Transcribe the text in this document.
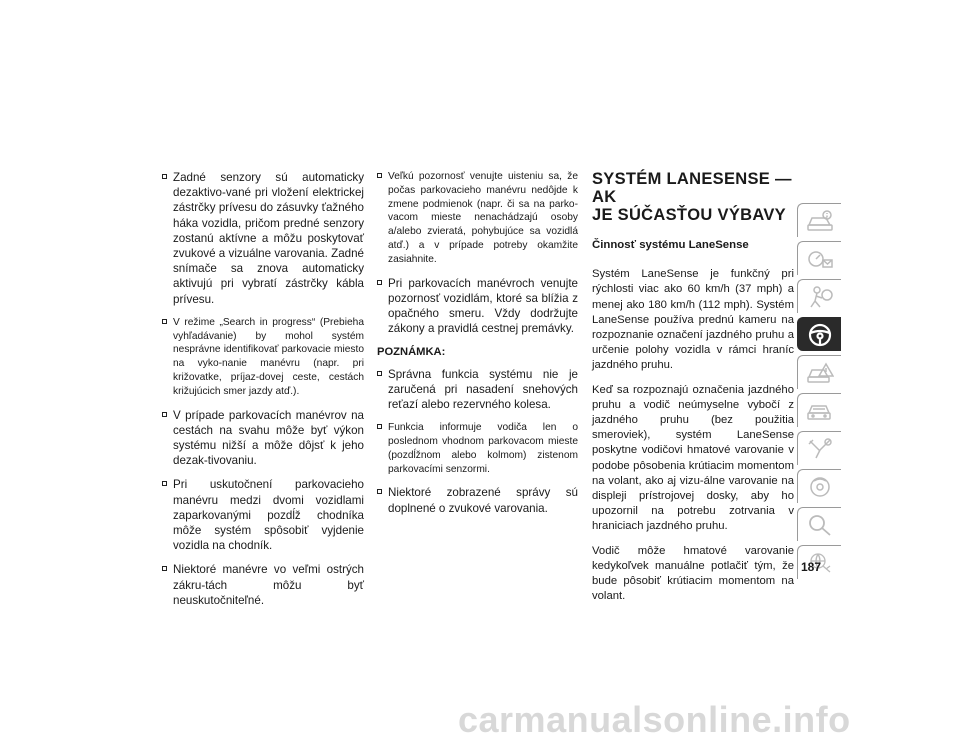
Zadné senzory sú automaticky dezaktivo-vané pri vložení elektrickej zástrčky prívesu do zásuvky ťažného háka vozidla, pričom predné senzory zostanú aktívne a môžu poskytovať zvukové a vizuálne varovania. Zadné snímače sa znova automaticky aktivujú pri vybratí zástrčky kábla prívesu.
V režime „Search in progress“ (Prebieha vyhľadávanie) by mohol systém nesprávne identifikovať parkovacie miesto na vyko-nanie manévru (napr. pri križovatke, príjaz-dovej ceste, cestách križujúcich smer jazdy atď.).
V prípade parkovacích manévrov na cestách na svahu môže byť výkon systému nižší a môže dôjsť k jeho dezak-tivovaniu.
Pri uskutočnení parkovacieho manévru medzi dvomi vozidlami zaparkovanými pozdĺž chodníka môže systém spôsobiť vyjdenie vozidla na chodník.
Niektoré manévre vo veľmi ostrých zákru-tách môžu byť neuskutočniteľné.
Veľkú pozornosť venujte uisteniu sa, že počas parkovacieho manévru nedôjde k zmene podmienok (napr. či sa na parko-vacom mieste nenachádzajú osoby a/alebo zvieratá, pohybujúce sa vozidlá atď.) a v prípade potreby okamžite zasiahnite.
Pri parkovacích manévroch venujte pozornosť vozidlám, ktoré sa blížia z opačného smeru. Vždy dodržujte zákony a pravidlá cestnej premávky.
POZNÁMKA:
Správna funkcia systému nie je zaručená pri nasadení snehových reťazí alebo rezervného kolesa.
Funkcia informuje vodiča len o poslednom vhodnom parkovacom mieste (pozdĺžnom alebo kolmom) zistenom parkovacími senzormi.
Niektoré zobrazené správy sú doplnené o zvukové varovania.
SYSTÉM LANESENSE — AK
JE SÚČASŤOU VÝBAVY
Činnosť systému LaneSense

Systém LaneSense je funkčný pri rýchlosti viac ako 60 km/h (37 mph) a menej ako 180 km/h (112 mph). Systém LaneSense používa prednú kameru na rozpoznanie označení jazdného pruhu a určenie polohy vozidla v rámci hraníc jazdného pruhu.

Keď sa rozpoznajú označenia jazdného pruhu a vodič neúmyselne vybočí z jazdného pruhu (bez použitia smeroviek), systém LaneSense poskytne vodičovi hmatové varovanie v podobe pôsobenia krútiacim momentom na volant, ako aj vizu-álne varovanie na displeji prístrojovej dosky, aby ho upozornil na potrebu zotrvania v hraniciach jazdného pruhu.

Vodič môže hmatové varovanie kedykoľvek manuálne potlačiť tým, že bude pôsobiť krútiacim momentom na volant.

187
carmanualsonline.info
